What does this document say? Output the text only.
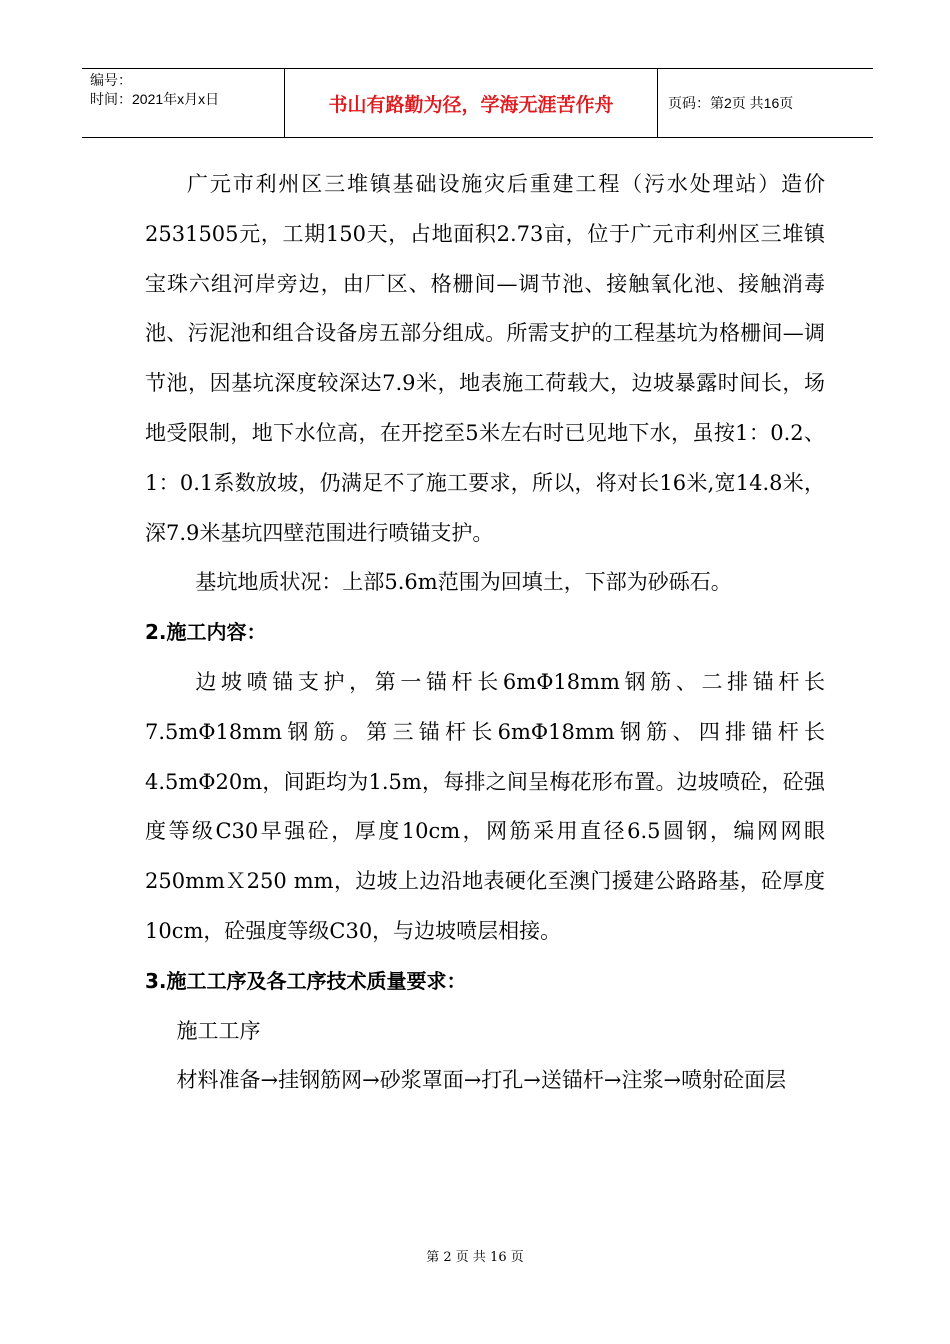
编号：
时间：2021年x月x日	书山有路勤为径，学海无涯苦作舟	页码：第2页 共16页

广元市利州区三堆镇基础设施灾后重建工程（污水处理站）造价2531505元，工期150天，占地面积2.73亩，位于广元市利州区三堆镇宝珠六组河岸旁边，由厂区、格栅间—调节池、接触氧化池、接触消毒池、污泥池和组合设备房五部分组成。所需支护的工程基坑为格栅间—调节池，因基坑深度较深达7.9米，地表施工荷载大，边坡暴露时间长，场地受限制，地下水位高，在开挖至5米左右时已见地下水，虽按1：0.2、1：0.1系数放坡，仍满足不了施工要求，所以，将对长16米,宽14.8米，深7.9米基坑四壁范围进行喷锚支护。

基坑地质状况：上部5.6m范围为回填土，下部为砂砾石。

2.施工内容：

边坡喷锚支护，第一锚杆长6mΦ18mm钢筋、二排锚杆长7.5mΦ18mm钢筋。第三锚杆长6mΦ18mm钢筋、四排锚杆长4.5mΦ20m，间距均为1.5m，每排之间呈梅花形布置。边坡喷砼，砼强度等级C30早强砼，厚度10cm，网筋采用直径6.5圆钢，编网网眼250mmＸ250 mm，边坡上边沿地表硬化至澳门援建公路路基，砼厚度10cm，砼强度等级C30，与边坡喷层相接。

3.施工工序及各工序技术质量要求：

施工工序

材料准备→挂钢筋网→砂浆罩面→打孔→送锚杆→注浆→喷射砼面层

第 2 页 共 16 页
